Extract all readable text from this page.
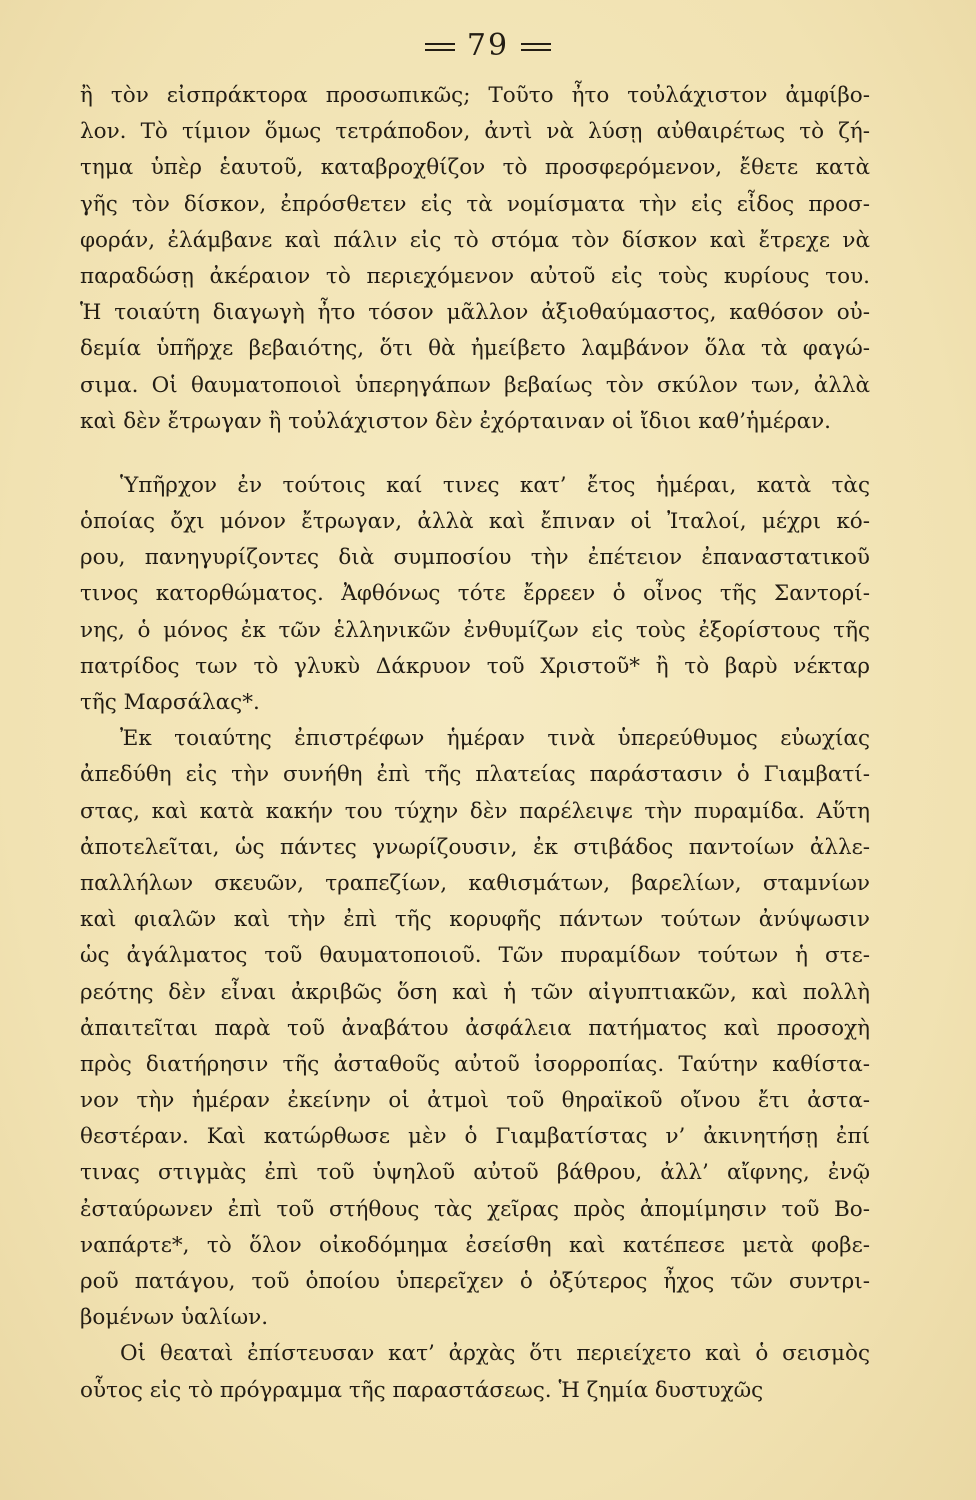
79
ἢ τὸν εἰσπράκτορα προσωπικῶς; Τοῦτο ἦτο τοὐλάχιστον ἀμφίβο-
λον. Τὸ τίμιον ὅμως τετράποδον, ἀντὶ νὰ λύσῃ αὐθαιρέτως τὸ ζή-
τημα ὑπὲρ ἑαυτοῦ, καταβροχθίζον τὸ προσφερόμενον, ἔθετε κατὰ
γῆς τὸν δίσκον, ἐπρόσθετεν εἰς τὰ νομίσματα τὴν εἰς εἶδος προσ-
φοράν, ἐλάμβανε καὶ πάλιν εἰς τὸ στόμα τὸν δίσκον καὶ ἔτρεχε νὰ
παραδώσῃ ἀκέραιον τὸ περιεχόμενον αὐτοῦ εἰς τοὺς κυρίους του.
Ἡ τοιαύτη διαγωγὴ ἦτο τόσον μᾶλλον ἀξιοθαύμαστος, καθόσον οὐ-
δεμία ὑπῆρχε βεβαιότης, ὅτι θὰ ἠμείβετο λαμβάνον ὅλα τὰ φαγώ-
σιμα. Οἱ θαυματοποιοὶ ὑπερηγάπων βεβαίως τὸν σκύλον των, ἀλλὰ
καὶ δὲν ἔτρωγαν ἢ τοὐλάχιστον δὲν ἐχόρταιναν οἱ ἴδιοι καθ’ἡμέραν.
Ὑπῆρχον ἐν τούτοις καί τινες κατ’ ἔτος ἡμέραι, κατὰ τὰς
ὁποίας ὄχι μόνον ἔτρωγαν, ἀλλὰ καὶ ἔπιναν οἱ Ἰταλοί, μέχρι κό-
ρου, πανηγυρίζοντες διὰ συμποσίου τὴν ἐπέτειον ἐπαναστατικοῦ
τινος κατορθώματος. Ἀφθόνως τότε ἔρρεεν ὁ οἶνος τῆς Σαντορί-
νης, ὁ μόνος ἐκ τῶν ἑλληνικῶν ἐνθυμίζων εἰς τοὺς ἐξορίστους τῆς
πατρίδος των τὸ γλυκὺ Δάκρυον τοῦ Χριστοῦ* ἢ τὸ βαρὺ νέκταρ
τῆς Μαρσάλας*.
Ἐκ τοιαύτης ἐπιστρέφων ἡμέραν τινὰ ὑπερεύθυμος εὐωχίας
ἀπεδύθη εἰς τὴν συνήθη ἐπὶ τῆς πλατείας παράστασιν ὁ Γιαμβατί-
στας, καὶ κατὰ κακήν του τύχην δὲν παρέλειψε τὴν πυραμίδα. Αὕτη
ἀποτελεῖται, ὡς πάντες γνωρίζουσιν, ἐκ στιβάδος παντοίων ἀλλε-
παλλήλων σκευῶν, τραπεζίων, καθισμάτων, βαρελίων, σταμνίων
καὶ φιαλῶν καὶ τὴν ἐπὶ τῆς κορυφῆς πάντων τούτων ἀνύψωσιν
ὡς ἀγάλματος τοῦ θαυματοποιοῦ. Τῶν πυραμίδων τούτων ἡ στε-
ρεότης δὲν εἶναι ἀκριβῶς ὅση καὶ ἡ τῶν αἰγυπτιακῶν, καὶ πολλὴ
ἀπαιτεῖται παρὰ τοῦ ἀναβάτου ἀσφάλεια πατήματος καὶ προσοχὴ
πρὸς διατήρησιν τῆς ἀσταθοῦς αὐτοῦ ἰσορροπίας. Ταύτην καθίστα-
νον τὴν ἡμέραν ἐκείνην οἱ ἀτμοὶ τοῦ θηραϊκοῦ οἴνου ἔτι ἀστα-
θεστέραν. Καὶ κατώρθωσε μὲν ὁ Γιαμβατίστας ν’ ἀκινητήσῃ ἐπί
τινας στιγμὰς ἐπὶ τοῦ ὑψηλοῦ αὐτοῦ βάθρου, ἀλλ’ αἴφνης, ἐνῷ
ἐσταύρωνεν ἐπὶ τοῦ στήθους τὰς χεῖρας πρὸς ἀπομίμησιν τοῦ Βο-
ναπάρτε*, τὸ ὅλον οἰκοδόμημα ἐσείσθη καὶ κατέπεσε μετὰ φοβε-
ροῦ πατάγου, τοῦ ὁποίου ὑπερεῖχεν ὁ ὀξύτερος ἦχος τῶν συντρι-
βομένων ὑαλίων.
Οἱ θεαταὶ ἐπίστευσαν κατ’ ἀρχὰς ὅτι περιείχετο καὶ ὁ σεισμὸς
οὗτος εἰς τὸ πρόγραμμα τῆς παραστάσεως. Ἡ ζημία δυστυχῶς
